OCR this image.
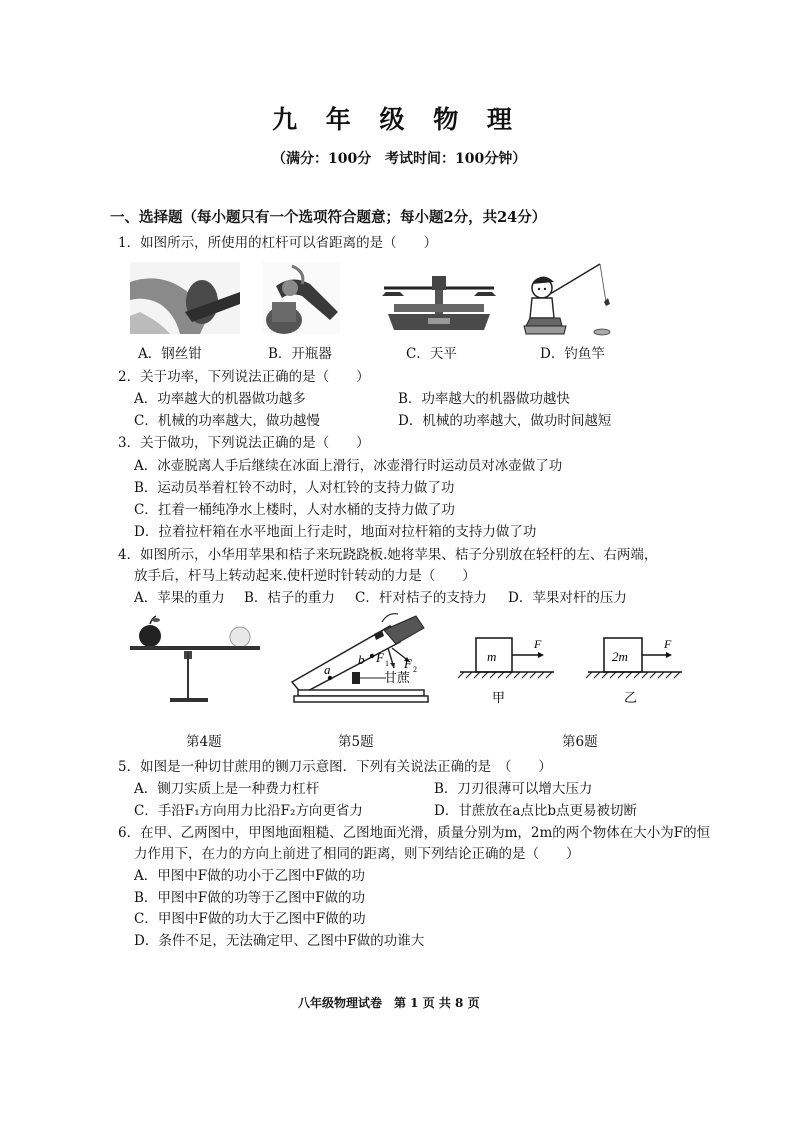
九 年 级 物 理
（满分：100分 考试时间：100分钟）
一、选择题（每小题只有一个选项符合题意；每小题2分，共24分）
1．如图所示，所使用的杠杆可以省距离的是（　　）
A．钢丝钳	B．开瓶器	C．天平	D．钓鱼竿
2．关于功率，下列说法正确的是（　　）
A．功率越大的机器做功越多	B．功率越大的机器做功越快
C．机械的功率越大，做功越慢	D．机械的功率越大，做功时间越短
3．关于做功，下列说法正确的是（　　）
A．冰壶脱离人手后继续在冰面上滑行，冰壶滑行时运动员对冰壶做了功
B．运动员举着杠铃不动时，人对杠铃的支持力做了功
C．扛着一桶纯净水上楼时，人对水桶的支持力做了功
D．拉着拉杆箱在水平地面上行走时，地面对拉杆箱的支持力做了功
4．如图所示，小华用苹果和桔子来玩跷跷板.她将苹果、桔子分别放在轻杆的左、右两端，
放手后，杆马上转动起来.使杆逆时针转动的力是（　　）
A．苹果的重力 B．桔子的重力 C．杆对桔子的支持力 D．苹果对杆的压力
a
b F 1 F 2
甘蔗
m
F
甲
2m
F
乙
第4题	第5题	第6题
5．如图是一种切甘蔗用的铡刀示意图．下列有关说法正确的是　（　　）
A．铡刀实质上是一种费力杠杆	B．刀刃很薄可以增大压力
C．手沿F₁方向用力比沿F₂方向更省力	D．甘蔗放在a点比b点更易被切断
6．在甲、乙两图中，甲图地面粗糙、乙图地面光滑，质量分别为m，2m的两个物体在大小为F的恒
力作用下，在力的方向上前进了相同的距离，则下列结论正确的是（　　）
A．甲图中F做的功小于乙图中F做的功
B．甲图中F做的功等于乙图中F做的功
C．甲图中F做的功大于乙图中F做的功
D．条件不足，无法确定甲、乙图中F做的功谁大
八年级物理试卷　第 1 页 共 8 页
